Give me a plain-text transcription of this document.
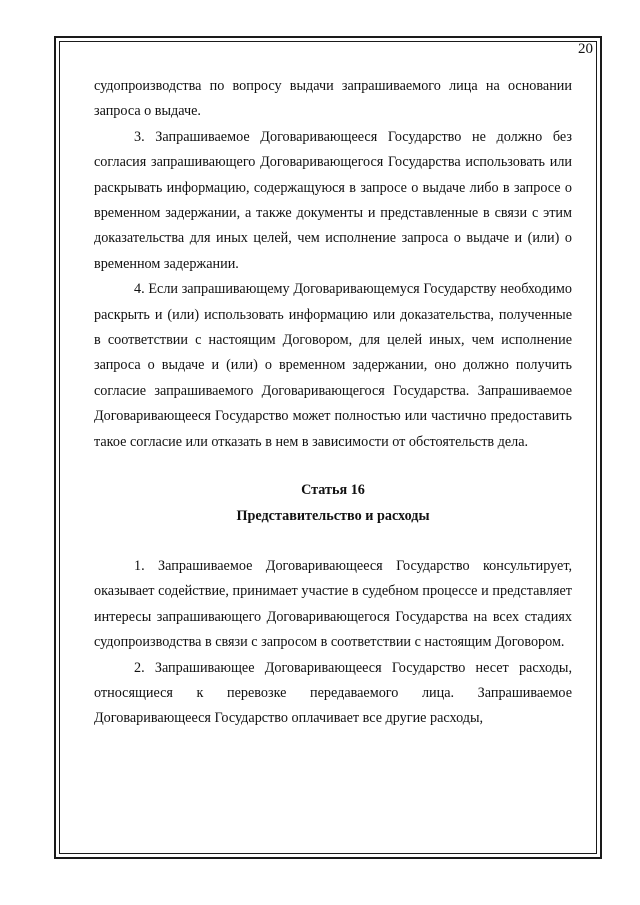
20

судопроизводства по вопросу выдачи запрашиваемого лица на основании запроса о выдаче.

3. Запрашиваемое Договаривающееся Государство не должно без согласия запрашивающего Договаривающегося Государства использовать или раскрывать информацию, содержащуюся в запросе о выдаче либо в запросе о временном задержании, а также документы и представленные в связи с этим доказательства для иных целей, чем исполнение запроса о выдаче и (или) о временном задержании.

4. Если запрашивающему Договаривающемуся Государству необходимо раскрыть и (или) использовать информацию или доказательства, полученные в соответствии с настоящим Договором, для целей иных, чем исполнение запроса о выдаче и (или) о временном задержании, оно должно получить согласие запрашиваемого Договаривающегося Государства. Запрашиваемое Договаривающееся Государство может полностью или частично предоставить такое согласие или отказать в нем в зависимости от обстоятельств дела.

Статья 16

Представительство и расходы

1. Запрашиваемое Договаривающееся Государство консультирует, оказывает содействие, принимает участие в судебном процессе и представляет интересы запрашивающего Договаривающегося Государства на всех стадиях судопроизводства в связи с запросом в соответствии с настоящим Договором.

2. Запрашивающее Договаривающееся Государство несет расходы, относящиеся к перевозке передаваемого лица. Запрашиваемое Договаривающееся Государство оплачивает все другие расходы,
